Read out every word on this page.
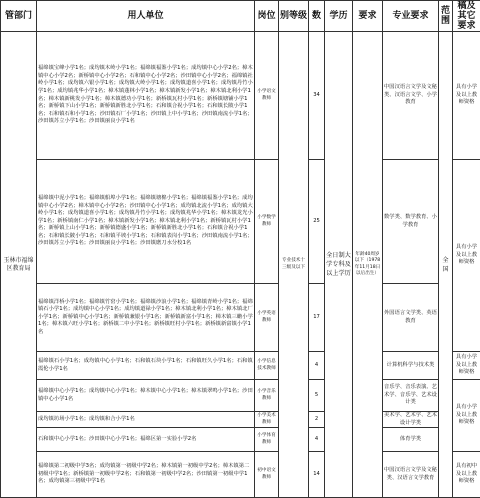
管部门	用人单位	岗位	别等级	数	学历	要求	专业要求	范围	稿及其它要求
玉林市福绵区教育局	福绵镇宝峰小学1名；成均镇木岭小学1名；福绵镇福鉴小学1名；成均镇中心小学2名；樟木镇中心小学2名；新桥镇中心小学2名；石和镇中心小学2名；沙田镇中心小学2名；福绵镇社岭小学1名；成均镇六银小学1名；成均镇大岭小学1名；成均镇道喜小学1名；成均镇丹竹小学1名；成均镇兆华小学1名；樟木镇蓬林小学1名；樟木镇新发小学1名；樟木镇北利小学1名；樟木镇新桃发小学1名；樟木镇德功小学1名；新桥镇瓦村小学1名；新桥镇塘铺小学1名；新桥镇下山小学1名；新桥镇新胜北小学1名；石和镇合祝小学1名；石和镇长陂小学1名；石和镇石和小学1名；沙田镇石厂小学1名；沙田镇上中小学1名；沙田镇南流小学1名；沙田镇苏立小学1名；沙田镇丽良小学1名	小学语文教师	专业技术十三级及以下	34	全日制大学专科及以上学历	年龄40周岁以下（1978年11月18日以后出生）	中国汉语言文学及文秘类、汉语言文学、小学教育	全国	具有小学及以上教师资格
	福绵镇中泥小学1名；福绵镇船埠小学1名；福绵镇塘棉小学1名；福绵镇福鉴小学1名；成均镇中心小学2名；樟木镇中心小学2名；沙田镇中心小学1名；成均镇北流小学1名；成均镇大岭小学1名；成均镇道喜小学1名；成均镇丹竹小学1名；成均镇兆华小学1名；樟木镇龙光小学1名；新桥镇南仁小学1名；樟木镇新发小学1名；樟木镇北利小学1名；新桥镇瓦村小学1名；新桥镇上山小学1名；新桥镇德盛小学1名；新桥镇新胜北小学1名；石和镇合祝小学1名；石和镇长陂小学1名；石和镇平坡小学1名；石和镇表岗小学1名；沙田镇南流小学1名；沙田镇苏立小学1名；沙田镇丽良小学1名；沙田镇磨刀水分校1名	小学数学教师		25			数学类、数学教育、小学教育		具有小学及以上教师资格
	福绵镇洋桥小学1名；福绵镇竹窑小学1名；福绵镇沙浪小学1名；福绵镇青岭小学1名；福绵镇石小学1名；成均镇中心小学1名；成均镇道禄小学1名；樟木镇北利小学1名；樟木镇北厂小学1名；新桥镇中心小学1名；新桥镇兼银小学1名；新桥镇新富小学1名；樟木镇三蟾小学1名；樟木镇六旺小学1名；新桥镇二中小学1名；新桥镇旺村小学1名；新桥镇新富镇小学1名	小学英语教师		17			外国语言文学类、英语教育		
	福绵镇石小学1名；成均镇中心小学1名；石和镇石块小学1名；石和镇旺久小学1名；石和镇霞伦小学1名	小学信息技术教师		4			计算机科学与技术类		具有小学及以上教师资格
	福绵镇中心小学1名；成均镇中心小学1名；樟木镇中心小学1名；樟木镇翠鸣小学1名；沙田镇中心小学1名	小学音乐教师		5			音乐学、音乐表演、艺术学、音乐学、艺术设计类		具有小学及以上教师资格
	成均镇坊场小学1名；成均镇和合小学1名	小学美术教师		2			美术学、艺术学、艺术设计学类		
	石和镇中心小学1名；沙田镇中心小学1名；福绵区第一实验小学2名	小学体育教师		4			体育学类		
	福绵镇第二初级中学3名；成均镇第一初级中学2名；樟木镇第一初级中学2名；樟木镇第二初级中学1名；新桥镇第一初级中学2名；石和镇第一初级中学2名；沙田镇第一初级中学1名；成均镇第三初级中学1名	初中语文教师		14			中国汉语言文学及文秘类、汉语言文学教育		具有初中及以上教师资格
